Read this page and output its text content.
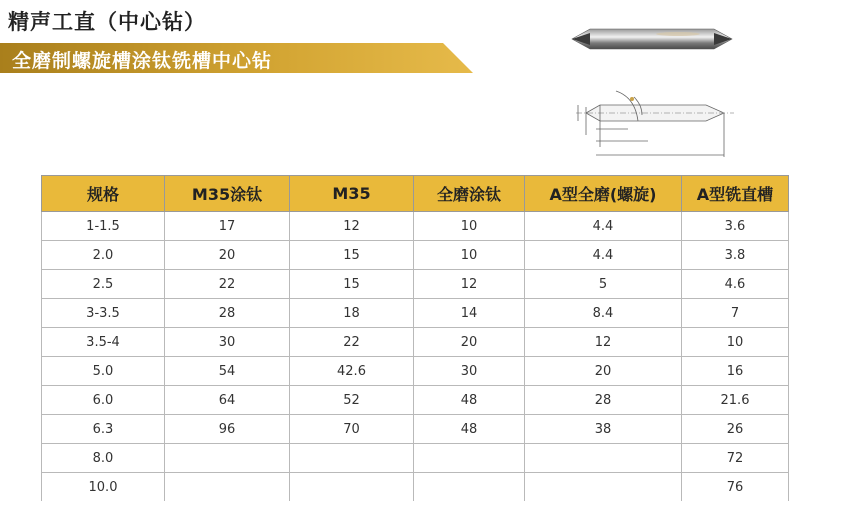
精声工直（中心钻）
全磨制螺旋槽涂钛铣槽中心钻
规格	M35涂钛	M35	全磨涂钛	A型全磨(螺旋)	A型铣直槽
1-1.5	17	12	10	4.4	3.6
2.0	20	15	10	4.4	3.8
2.5	22	15	12	5	4.6
3-3.5	28	18	14	8.4	7
3.5-4	30	22	20	12	10
5.0	54	42.6	30	20	16
6.0	64	52	48	28	21.6
6.3	96	70	48	38	26
8.0					72
10.0					76
